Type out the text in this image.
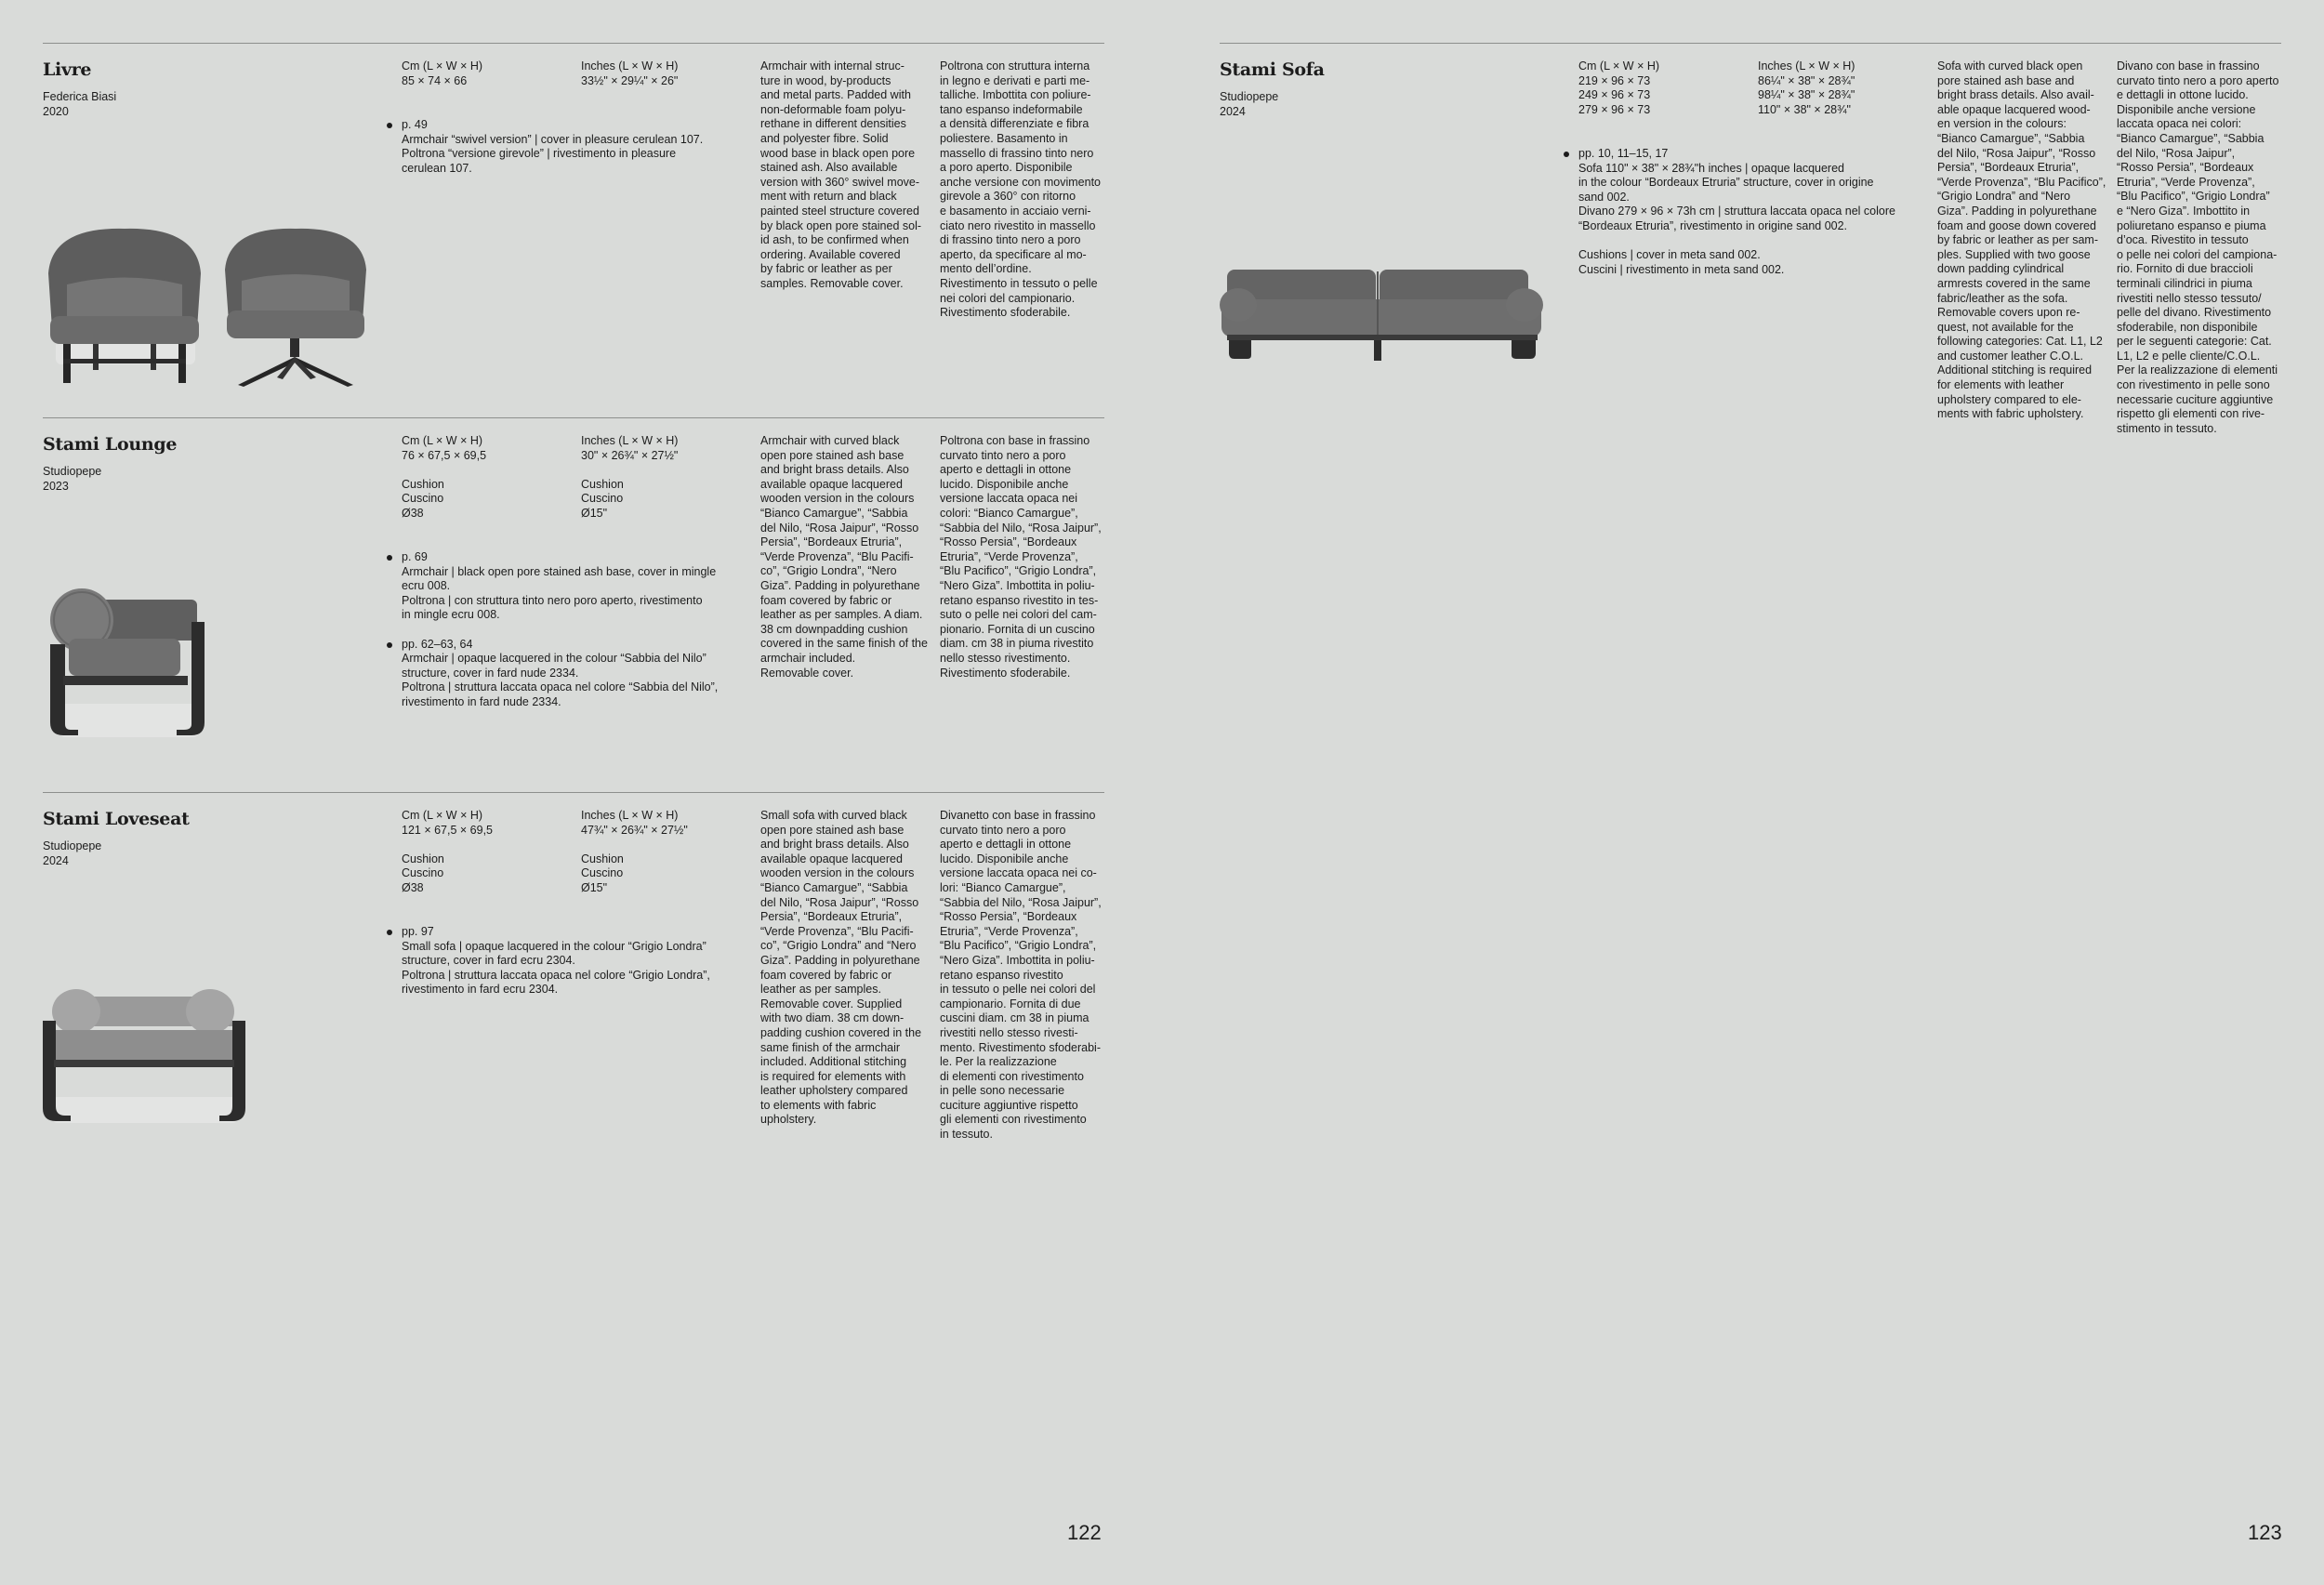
Livre
Federica Biasi
2020
Cm (L × W × H)
85 × 74 × 66
Inches (L × W × H)
33½" × 29¼" × 26"
p. 49
Armchair “swivel version” | cover in pleasure cerulean 107.
Poltrona “versione girevole” | rivestimento in pleasure
cerulean 107.
Armchair with internal struc-
ture in wood, by-products
and metal parts. Padded with
non-deformable foam polyu-
rethane in different densities
and polyester fibre. Solid
wood base in black open pore
stained ash. Also available
version with 360° swivel move-
ment with return and black
painted steel structure covered
by black open pore stained sol-
id ash, to be confirmed when
ordering. Available covered
by fabric or leather as per
samples. Removable cover.
Poltrona con struttura interna
in legno e derivati e parti me-
talliche. Imbottita con poliure-
tano espanso indeformabile
a densità differenziate e fibra
poliestere. Basamento in
massello di frassino tinto nero
a poro aperto. Disponibile
anche versione con movimento
girevole a 360° con ritorno
e basamento in acciaio verni-
ciato nero rivestito in massello
di frassino tinto nero a poro
aperto, da specificare al mo-
mento dell’ordine.
Rivestimento in tessuto o pelle
nei colori del campionario.
Rivestimento sfoderabile.
Stami Lounge
Studiopepe
2023
Cm (L × W × H)
76 × 67,5 × 69,5
Cushion
Cuscino
Ø38
Inches (L × W × H)
30" × 26¾" × 27½"
Cushion
Cuscino
Ø15"
p. 69
Armchair | black open pore stained ash base, cover in mingle
ecru 008.
Poltrona | con struttura tinto nero poro aperto, rivestimento
in mingle ecru 008.
pp. 62–63, 64
Armchair | opaque lacquered in the colour “Sabbia del Nilo”
structure, cover in fard nude 2334.
Poltrona | struttura laccata opaca nel colore “Sabbia del Nilo”,
rivestimento in fard nude 2334.
Armchair with curved black
open pore stained ash base
and bright brass details. Also
available opaque lacquered
wooden version in the colours
“Bianco Camargue”, “Sabbia
del Nilo, “Rosa Jaipur”, “Rosso
Persia”, “Bordeaux Etruria”,
“Verde Provenza”, “Blu Pacifi-
co”, “Grigio Londra”, “Nero
Giza”. Padding in polyurethane
foam covered by fabric or
leather as per samples. A diam.
38 cm downpadding cushion
covered in the same finish of the
armchair included.
Removable cover.
Poltrona con base in frassino
curvato tinto nero a poro
aperto e dettagli in ottone
lucido. Disponibile anche
versione laccata opaca nei
colori: “Bianco Camargue”,
“Sabbia del Nilo, “Rosa Jaipur”,
“Rosso Persia”, “Bordeaux
Etruria”, “Verde Provenza”,
“Blu Pacifico”, “Grigio Londra”,
“Nero Giza”. Imbottita in poliu-
retano espanso rivestito in tes-
suto o pelle nei colori del cam-
pionario. Fornita di un cuscino
diam. cm 38 in piuma rivestito
nello stesso rivestimento.
Rivestimento sfoderabile.
Stami Loveseat
Studiopepe
2024
Cm (L × W × H)
121 × 67,5 × 69,5
Cushion
Cuscino
Ø38
Inches (L × W × H)
47¾" × 26¾" × 27½"
Cushion
Cuscino
Ø15"
pp. 97
Small sofa | opaque lacquered in the colour “Grigio Londra”
structure, cover in fard ecru 2304.
Poltrona | struttura laccata opaca nel colore “Grigio Londra”,
rivestimento in fard ecru 2304.
Small sofa with curved black
open pore stained ash base
and bright brass details. Also
available opaque lacquered
wooden version in the colours
“Bianco Camargue”, “Sabbia
del Nilo, “Rosa Jaipur”, “Rosso
Persia”, “Bordeaux Etruria”,
“Verde Provenza”, “Blu Pacifi-
co”, “Grigio Londra” and “Nero
Giza”. Padding in polyurethane
foam covered by fabric or
leather as per samples.
Removable cover. Supplied
with two diam. 38 cm down-
padding cushion covered in the
same finish of the armchair
included. Additional stitching
is required for elements with
leather upholstery compared
to elements with fabric
upholstery.
Divanetto con base in frassino
curvato tinto nero a poro
aperto e dettagli in ottone
lucido. Disponibile anche
versione laccata opaca nei co-
lori: “Bianco Camargue”,
“Sabbia del Nilo, “Rosa Jaipur”,
“Rosso Persia”, “Bordeaux
Etruria”, “Verde Provenza”,
“Blu Pacifico”, “Grigio Londra”,
“Nero Giza”. Imbottita in poliu-
retano espanso rivestito
in tessuto o pelle nei colori del
campionario. Fornita di due
cuscini diam. cm 38 in piuma
rivestiti nello stesso rivesti-
mento. Rivestimento sfoderabi-
le. Per la realizzazione
di elementi con rivestimento
in pelle sono necessarie
cuciture aggiuntive rispetto
gli elementi con rivestimento
in tessuto.
122
Stami Sofa
Studiopepe
2024
Cm (L × W × H)
219 × 96 × 73
249 × 96 × 73
279 × 96 × 73
Inches (L × W × H)
86¼" × 38" × 28¾"
98¼" × 38" × 28¾"
110" × 38" × 28¾"
pp. 10, 11–15, 17
Sofa 110" × 38" × 28¾"h inches | opaque lacquered
in the colour “Bordeaux Etruria” structure, cover in origine
sand 002.
Divano 279 × 96 × 73h cm | struttura laccata opaca nel colore
“Bordeaux Etruria”, rivestimento in origine sand 002.
Cushions | cover in meta sand 002.
Cuscini | rivestimento in meta sand 002.
Sofa with curved black open
pore stained ash base and
bright brass details. Also avail-
able opaque lacquered wood-
en version in the colours:
“Bianco Camargue”, “Sabbia
del Nilo, “Rosa Jaipur”, “Rosso
Persia”, “Bordeaux Etruria”,
“Verde Provenza”, “Blu Pacifico”,
“Grigio Londra” and “Nero
Giza”. Padding in polyurethane
foam and goose down covered
by fabric or leather as per sam-
ples. Supplied with two goose
down padding cylindrical
armrests covered in the same
fabric/leather as the sofa.
Removable covers upon re-
quest, not available for the
following categories: Cat. L1, L2
and customer leather C.O.L.
Additional stitching is required
for elements with leather
upholstery compared to ele-
ments with fabric upholstery.
Divano con base in frassino
curvato tinto nero a poro aperto
e dettagli in ottone lucido.
Disponibile anche versione
laccata opaca nei colori:
“Bianco Camargue”, “Sabbia
del Nilo, “Rosa Jaipur”,
“Rosso Persia”, “Bordeaux
Etruria”, “Verde Provenza”,
“Blu Pacifico”, “Grigio Londra”
e “Nero Giza”. Imbottito in
poliuretano espanso e piuma
d’oca. Rivestito in tessuto
o pelle nei colori del campiona-
rio. Fornito di due braccioli
terminali cilindrici in piuma
rivestiti nello stesso tessuto/
pelle del divano. Rivestimento
sfoderabile, non disponibile
per le seguenti categorie: Cat.
L1, L2 e pelle cliente/C.O.L.
Per la realizzazione di elementi
con rivestimento in pelle sono
necessarie cuciture aggiuntive
rispetto gli elementi con rive-
stimento in tessuto.
123
